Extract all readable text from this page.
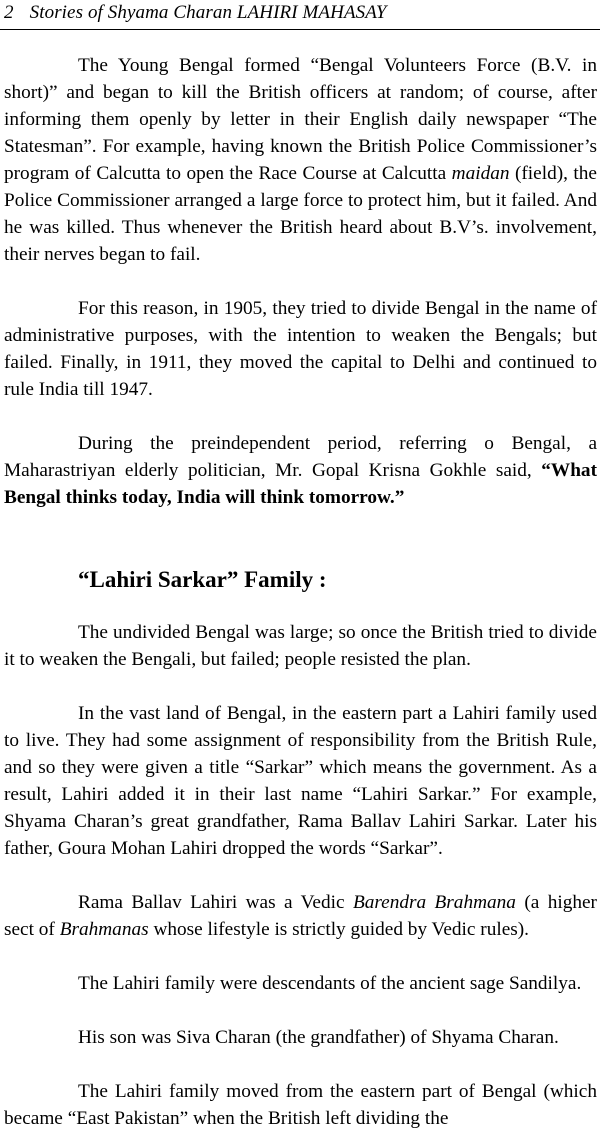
2 Stories of Shyama Charan LAHIRI MAHASAY

The Young Bengal formed “Bengal Volunteers Force (B.V. in short)” and began to kill the British officers at random; of course, after informing them openly by letter in their English daily newspaper “The Statesman”. For example, having known the British Police Commissioner’s program of Calcutta to open the Race Course at Calcutta maidan (field), the Police Commissioner arranged a large force to protect him, but it failed. And he was killed. Thus whenever the British heard about B.V’s. involvement, their nerves began to fail.

For this reason, in 1905, they tried to divide Bengal in the name of administrative purposes, with the intention to weaken the Bengals; but failed. Finally, in 1911, they moved the capital to Delhi and continued to rule India till 1947.

During the preindependent period, referring o Bengal, a Maharastriyan elderly politician, Mr. Gopal Krisna Gokhle said, “What Bengal thinks today, India will think tomorrow.”

“Lahiri Sarkar” Family :

The undivided Bengal was large; so once the British tried to divide it to weaken the Bengali, but failed; people resisted the plan.

In the vast land of Bengal, in the eastern part a Lahiri family used to live. They had some assignment of responsibility from the British Rule, and so they were given a title “Sarkar” which means the government. As a result, Lahiri added it in their last name “Lahiri Sarkar.” For example, Shyama Charan’s great grandfather, Rama Ballav Lahiri Sarkar. Later his father, Goura Mohan Lahiri dropped the words “Sarkar”.

Rama Ballav Lahiri was a Vedic Barendra Brahmana (a higher sect of Brahmanas whose lifestyle is strictly guided by Vedic rules).

The Lahiri family were descendants of the ancient sage Sandilya.

His son was Siva Charan (the grandfather) of Shyama Charan.

The Lahiri family moved from the eastern part of Bengal (which became “East Pakistan” when the British left dividing the
